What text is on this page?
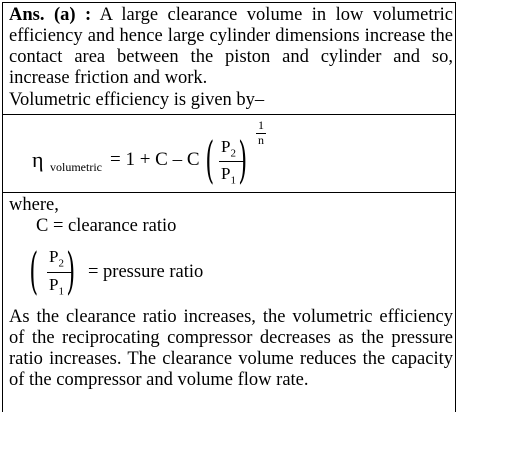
Ans. (a) : A large clearance volume in low volumetric efficiency and hence large cylinder dimensions increase the contact area between the piston and cylinder and so, increase friction and work.
Volumetric efficiency is given by–
η volumetric = 1 + C – C ( $P_2$
$P_1$ )
1
n
where,
C = clearance ratio
( $P_2$
$P_1$ ) = pressure ratio
As the clearance ratio increases, the volumetric efficiency of the reciprocating compressor decreases as the pressure ratio increases. The clearance volume reduces the capacity of the compressor and volume flow rate.
